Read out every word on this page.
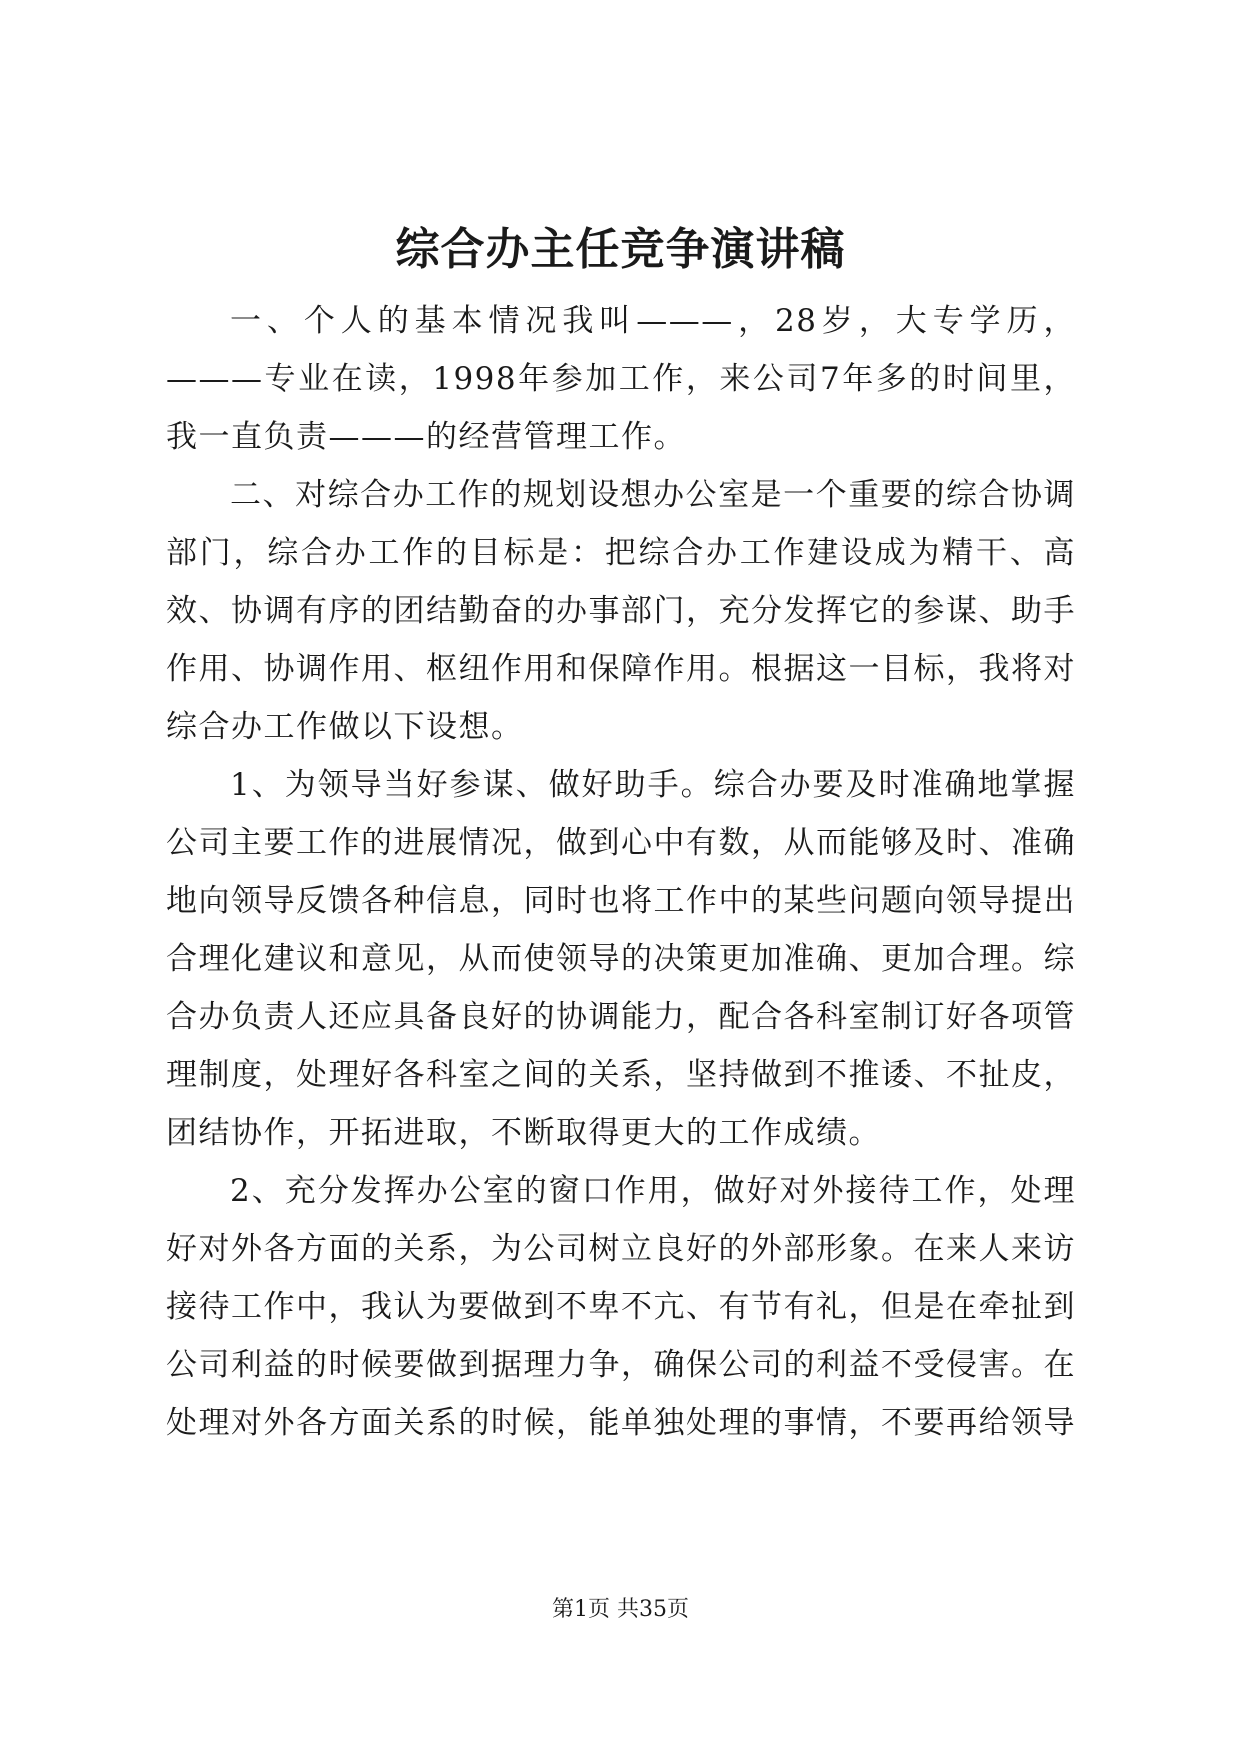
综合办主任竞争演讲稿

一、个人的基本情况我叫———，28岁，大专学历，———专业在读，1998年参加工作，来公司7年多的时间里，我一直负责———的经营管理工作。

二、对综合办工作的规划设想办公室是一个重要的综合协调部门，综合办工作的目标是：把综合办工作建设成为精干、高效、协调有序的团结勤奋的办事部门，充分发挥它的参谋、助手作用、协调作用、枢纽作用和保障作用。根据这一目标，我将对综合办工作做以下设想。

1、为领导当好参谋、做好助手。综合办要及时准确地掌握公司主要工作的进展情况，做到心中有数，从而能够及时、准确地向领导反馈各种信息，同时也将工作中的某些问题向领导提出合理化建议和意见，从而使领导的决策更加准确、更加合理。综合办负责人还应具备良好的协调能力，配合各科室制订好各项管理制度，处理好各科室之间的关系，坚持做到不推诿、不扯皮，团结协作，开拓进取，不断取得更大的工作成绩。

2、充分发挥办公室的窗口作用，做好对外接待工作，处理好对外各方面的关系，为公司树立良好的外部形象。在来人来访接待工作中，我认为要做到不卑不亢、有节有礼，但是在牵扯到公司利益的时候要做到据理力争，确保公司的利益不受侵害。在处理对外各方面关系的时候，能单独处理的事情，不要再给领导

第1页 共35页
